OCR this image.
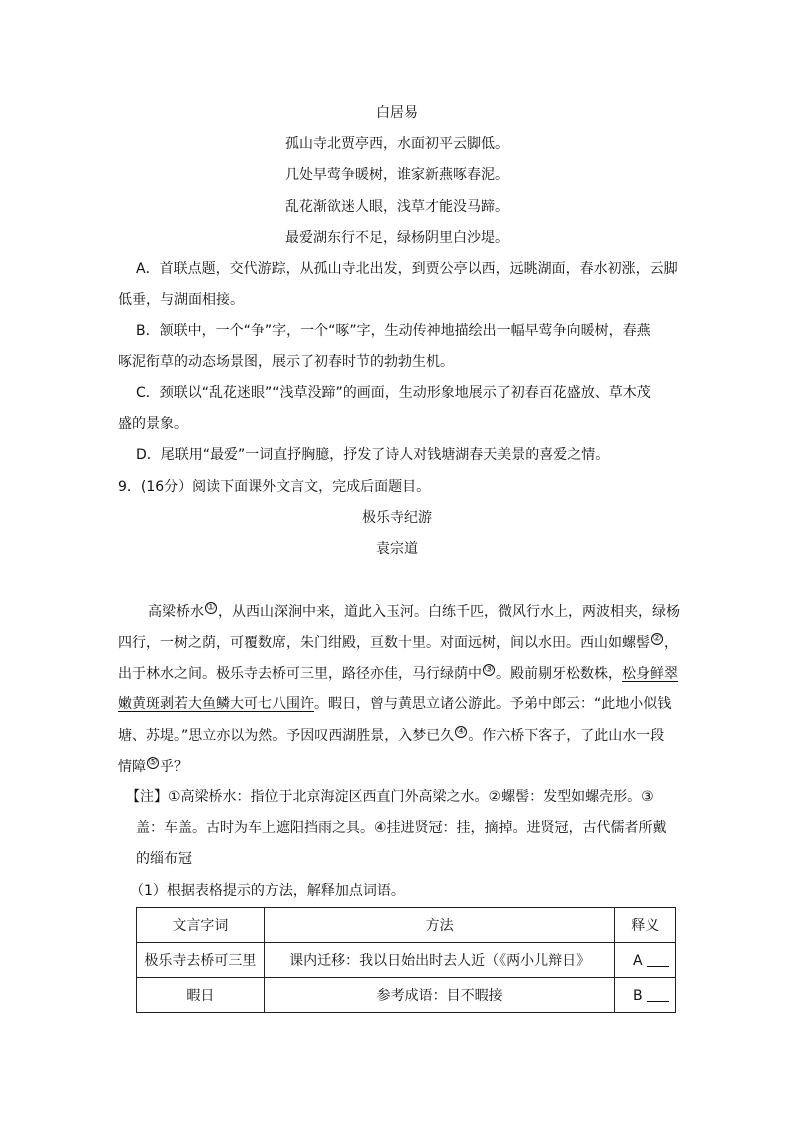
白居易
孤山寺北贾亭西，水面初平云脚低。
几处早莺争暖树，谁家新燕啄春泥。
乱花渐欲迷人眼，浅草才能没马蹄。
最爱湖东行不足，绿杨阴里白沙堤。
A．首联点题，交代游踪，从孤山寺北出发，到贾公亭以西，远眺湖面，春水初涨，云脚
低垂，与湖面相接。
B．颔联中，一个“争”字，一个“啄”字，生动传神地描绘出一幅早莺争向暖树，春燕
啄泥衔草的动态场景图，展示了初春时节的勃勃生机。
C．颈联以“乱花迷眼”“浅草没蹄”的画面，生动形象地展示了初春百花盛放、草木茂
盛的景象。
D．尾联用“最爱”一词直抒胸臆，抒发了诗人对钱塘湖春天美景的喜爱之情。
9．(16分）阅读下面课外文言文，完成后面题目。
极乐寺纪游
袁宗道
高梁桥水 ① ，从西山深涧中来，道此入玉河。白练千匹，微风行水上，两波相夹，绿杨
四行，一树之荫，可覆数席，朱门绀殿，亘数十里。对面远树，间以水田。西山如螺髻 ② ，
出于林水之间。极乐寺去桥可三里，路径亦佳，马行绿荫中 ③ 。殿前剔牙松数株，松身鲜翠
嫩黄斑剥若大鱼鳞大可七八围许。暇日，曾与黄思立诸公游此。予弟中郎云：“此地小似钱
塘、苏堤。”思立亦以为然。予因叹西湖胜景，入梦已久 ④ 。作六桥下客子，了此山水一段
情障 ⑤ 乎？
【注】①高梁桥水：指位于北京海淀区西直门外高梁之水。②螺髻：发型如螺壳形。③
盖：车盖。古时为车上遮阳挡雨之具。④挂进贤冠：挂，摘掉。进贤冠，古代儒者所戴
的缁布冠
（1）根据表格提示的方法，解释加点词语。
文言字词	方法	释义
极乐寺去桥可三里	课内迁移：我以日始出时去人近（《两小儿辩日》	A
暇日	参考成语：目不暇接	B
